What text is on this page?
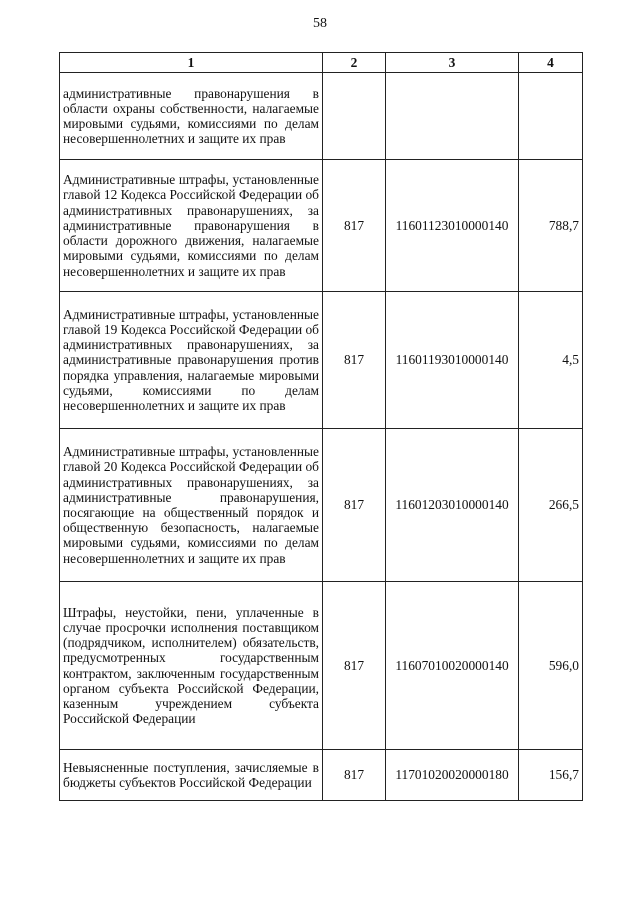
58
1	2	3	4
административные правонарушения в области охраны собственности, налагаемые мировыми судьями, комиссиями по делам несовершеннолетних и защите их прав			
Административные штрафы, установленные главой 12 Кодекса Российской Федерации об административных правонарушениях, за административные правонарушения в области дорожного движения, налагаемые мировыми судьями, комиссиями по делам несовершеннолетних и защите их прав	817	11601123010000140	788,7
Административные штрафы, установленные главой 19 Кодекса Российской Федерации об административных правонарушениях, за административные правонарушения против порядка управления, налагаемые мировыми судьями, комиссиями по делам несовершеннолетних и защите их прав	817	11601193010000140	4,5
Административные штрафы, установленные главой 20 Кодекса Российской Федерации об административных правонарушениях, за административные правонарушения, посягающие на общественный порядок и общественную безопасность, налагаемые мировыми судьями, комиссиями по делам несовершеннолетних и защите их прав	817	11601203010000140	266,5
Штрафы, неустойки, пени, уплаченные в случае просрочки исполнения поставщиком (подрядчиком, исполнителем) обязательств, предусмотренных государственным контрактом, заключенным государственным органом субъекта Российской Федерации, казенным учреждением субъекта Российской Федерации	817	11607010020000140	596,0
Невыясненные поступления, зачисляемые в бюджеты субъектов Российской Федерации	817	11701020020000180	156,7
